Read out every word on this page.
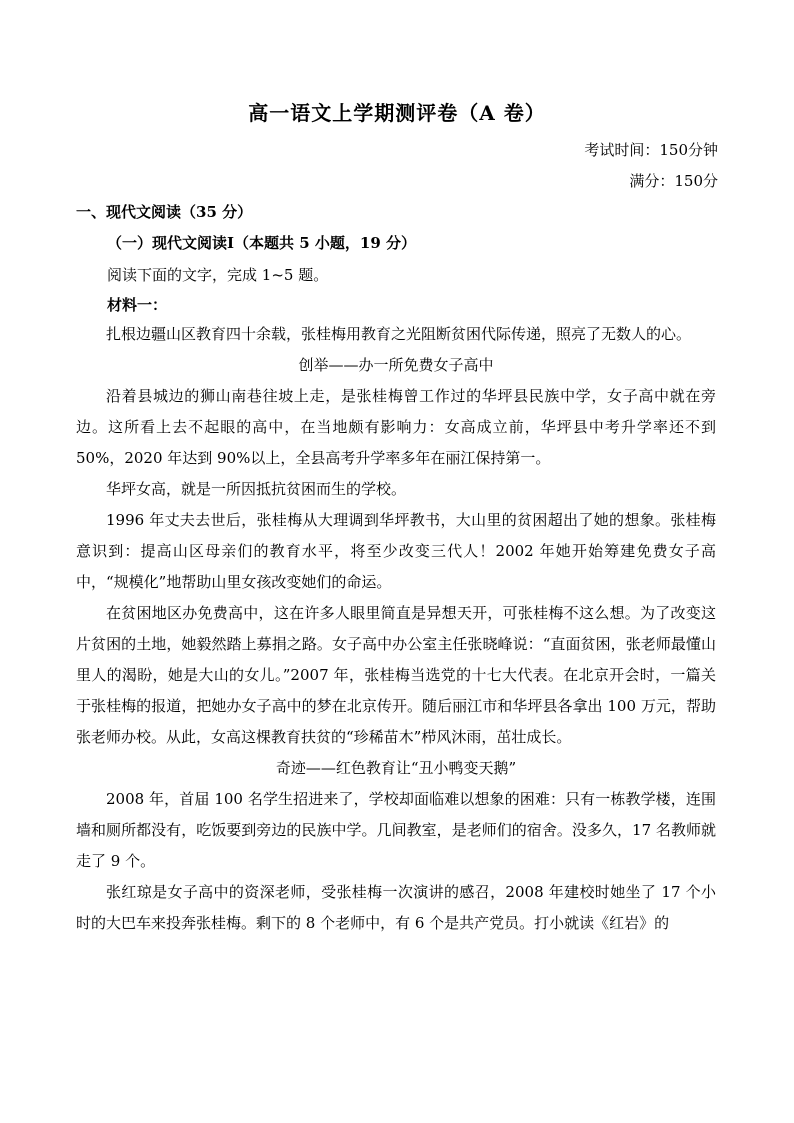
高一语文上学期测评卷（A 卷）
考试时间：150分钟
满分：150分
一、现代文阅读（35 分）
（一）现代文阅读Ⅰ（本题共 5 小题，19 分）
阅读下面的文字，完成 1~5 题。
材料一：

扎根边疆山区教育四十余载，张桂梅用教育之光阻断贫困代际传递，照亮了无数人的心。

创举——办一所免费女子高中

沿着县城边的狮山南巷往坡上走，是张桂梅曾工作过的华坪县民族中学，女子高中就在旁边。这所看上去不起眼的高中，在当地颇有影响力：女高成立前，华坪县中考升学率还不到 50%，2020 年达到 90%以上，全县高考升学率多年在丽江保持第一。

华坪女高，就是一所因抵抗贫困而生的学校。

1996 年丈夫去世后，张桂梅从大理调到华坪教书，大山里的贫困超出了她的想象。张桂梅意识到：提高山区母亲们的教育水平，将至少改变三代人！2002 年她开始筹建免费女子高中，“规模化”地帮助山里女孩改变她们的命运。

在贫困地区办免费高中，这在许多人眼里简直是异想天开，可张桂梅不这么想。为了改变这片贫困的土地，她毅然踏上募捐之路。女子高中办公室主任张晓峰说：“直面贫困，张老师最懂山里人的渴盼，她是大山的女儿。”2007 年，张桂梅当选党的十七大代表。在北京开会时，一篇关于张桂梅的报道，把她办女子高中的梦在北京传开。随后丽江市和华坪县各拿出 100 万元，帮助张老师办校。从此，女高这棵教育扶贫的“珍稀苗木”栉风沐雨，茁壮成长。

奇迹——红色教育让“丑小鸭变天鹅”

2008 年，首届 100 名学生招进来了，学校却面临难以想象的困难：只有一栋教学楼，连围墙和厕所都没有，吃饭要到旁边的民族中学。几间教室，是老师们的宿舍。没多久，17 名教师就走了 9 个。

张红琼是女子高中的资深老师，受张桂梅一次演讲的感召，2008 年建校时她坐了 17 个小时的大巴车来投奔张桂梅。剩下的 8 个老师中，有 6 个是共产党员。打小就读《红岩》的
